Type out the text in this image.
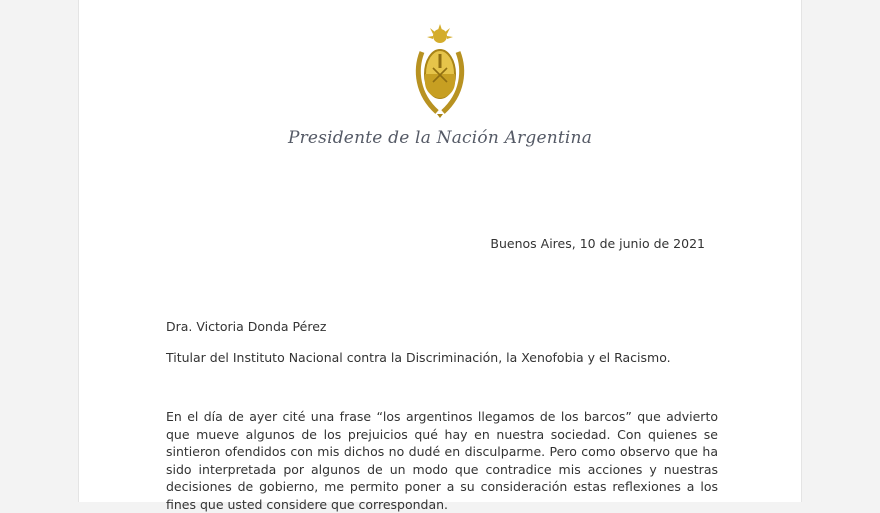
Presidente de la Nación Argentina
Buenos Aires, 10 de junio de 2021
Dra. Victoria Donda Pérez
Titular del Instituto Nacional contra la Discriminación, la Xenofobia y el Racismo.
En el día de ayer cité una frase “los argentinos llegamos de los barcos” que advierto que mueve algunos de los prejuicios qué hay en nuestra sociedad. Con quienes se sintieron ofendidos con mis dichos no dudé en disculparme. Pero como observo que ha sido interpretada por algunos de un modo que contradice mis acciones y nuestras decisiones de gobierno, me permito poner a su consideración estas reflexiones a los fines que usted considere que correspondan.
